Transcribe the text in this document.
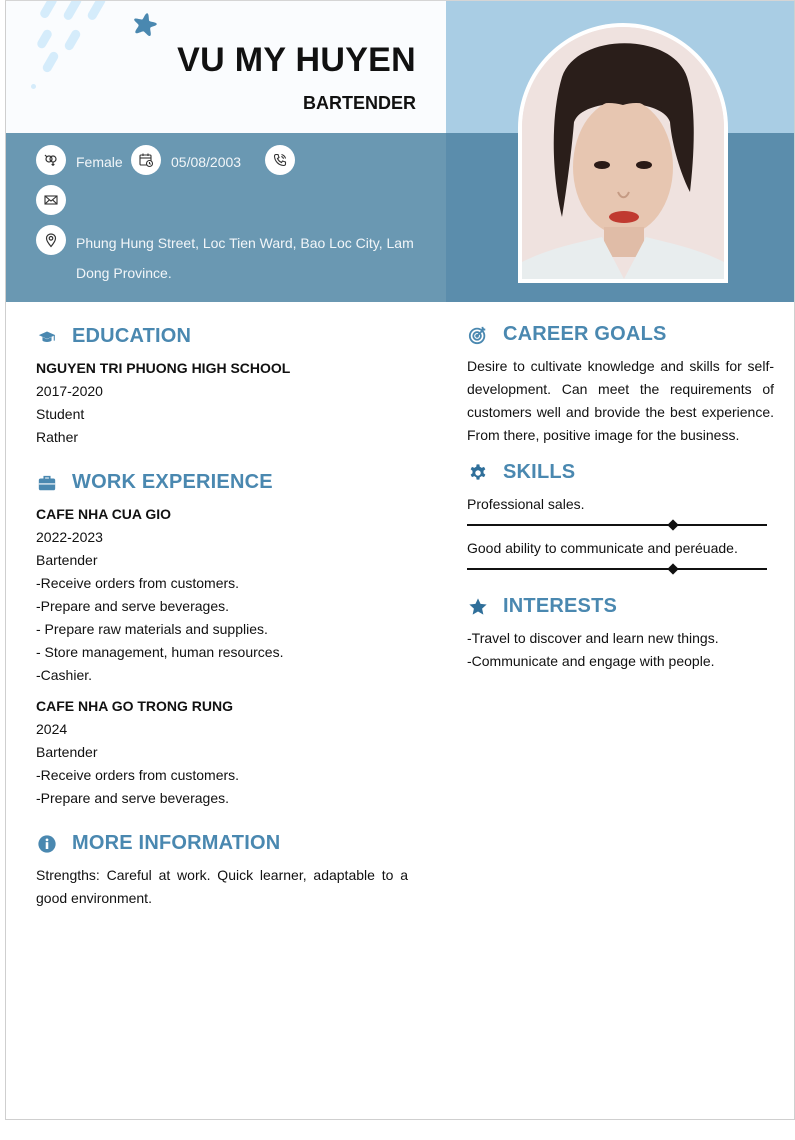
VU MY HUYEN
BARTENDER
Female	05/08/2003
Phung Hung Street, Loc Tien Ward, Bao Loc City, Lam Dong Province.
EDUCATION
NGUYEN TRI PHUONG HIGH SCHOOL
2017-2020
Student
Rather
WORK EXPERIENCE
CAFE NHA CUA GIO
2022-2023
Bartender
-Receive orders from customers.
-Prepare and serve beverages.
- Prepare raw materials and supplies.
- Store management, human resources.
-Cashier.
CAFE NHA GO TRONG RUNG
2024
Bartender
-Receive orders from customers.
-Prepare and serve beverages.
MORE INFORMATION
Strengths: Careful at work. Quick learner, adaptable to a good environment.
CAREER GOALS
Desire to cultivate knowledge and skills for self-development. Can meet the requirements of customers well and brovide the best experience. From there, positive image for the business.
SKILLS
Professional sales.
Good ability to communicate and peréuade.
INTERESTS
-Travel to discover and learn new things.
-Communicate and engage with people.
